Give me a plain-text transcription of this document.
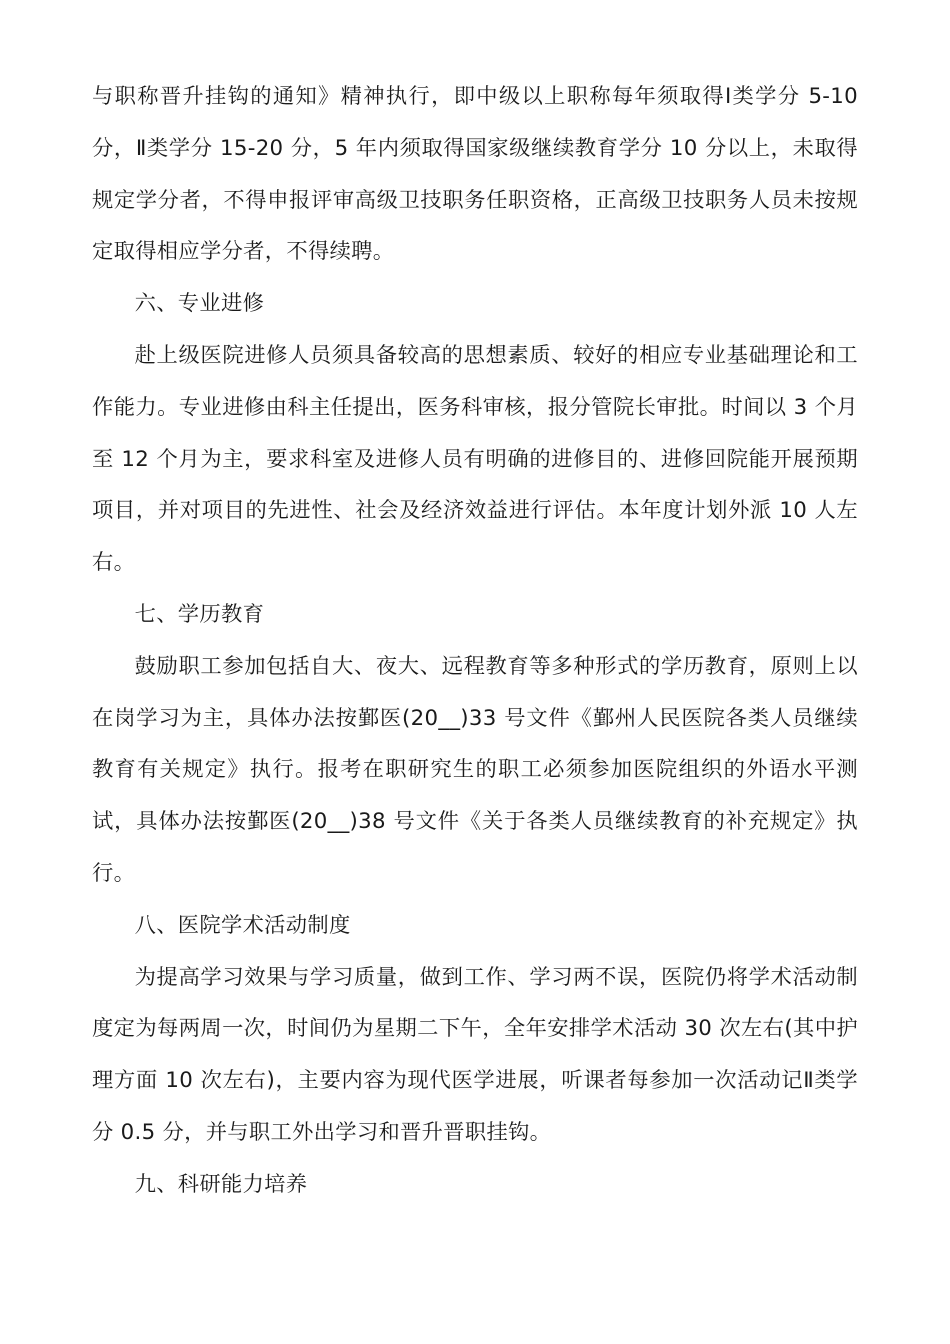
与职称晋升挂钩的通知》精神执行，即中级以上职称每年须取得Ⅰ类学分 5-10 分，Ⅱ类学分 15-20 分，5 年内须取得国家级继续教育学分 10 分以上，未取得规定学分者，不得申报评审高级卫技职务任职资格，正高级卫技职务人员未按规定取得相应学分者，不得续聘。

六、专业进修

赴上级医院进修人员须具备较高的思想素质、较好的相应专业基础理论和工作能力。专业进修由科主任提出，医务科审核，报分管院长审批。时间以 3 个月至 12 个月为主，要求科室及进修人员有明确的进修目的、进修回院能开展预期项目，并对项目的先进性、社会及经济效益进行评估。本年度计划外派 10 人左右。

七、学历教育

鼓励职工参加包括自大、夜大、远程教育等多种形式的学历教育，原则上以在岗学习为主，具体办法按鄞医(20__)33 号文件《鄞州人民医院各类人员继续教育有关规定》执行。报考在职研究生的职工必须参加医院组织的外语水平测试，具体办法按鄞医(20__)38 号文件《关于各类人员继续教育的补充规定》执行。

八、医院学术活动制度

为提高学习效果与学习质量，做到工作、学习两不误，医院仍将学术活动制度定为每两周一次，时间仍为星期二下午，全年安排学术活动 30 次左右(其中护理方面 10 次左右)，主要内容为现代医学进展，听课者每参加一次活动记Ⅱ类学分 0.5 分，并与职工外出学习和晋升晋职挂钩。

九、科研能力培养
